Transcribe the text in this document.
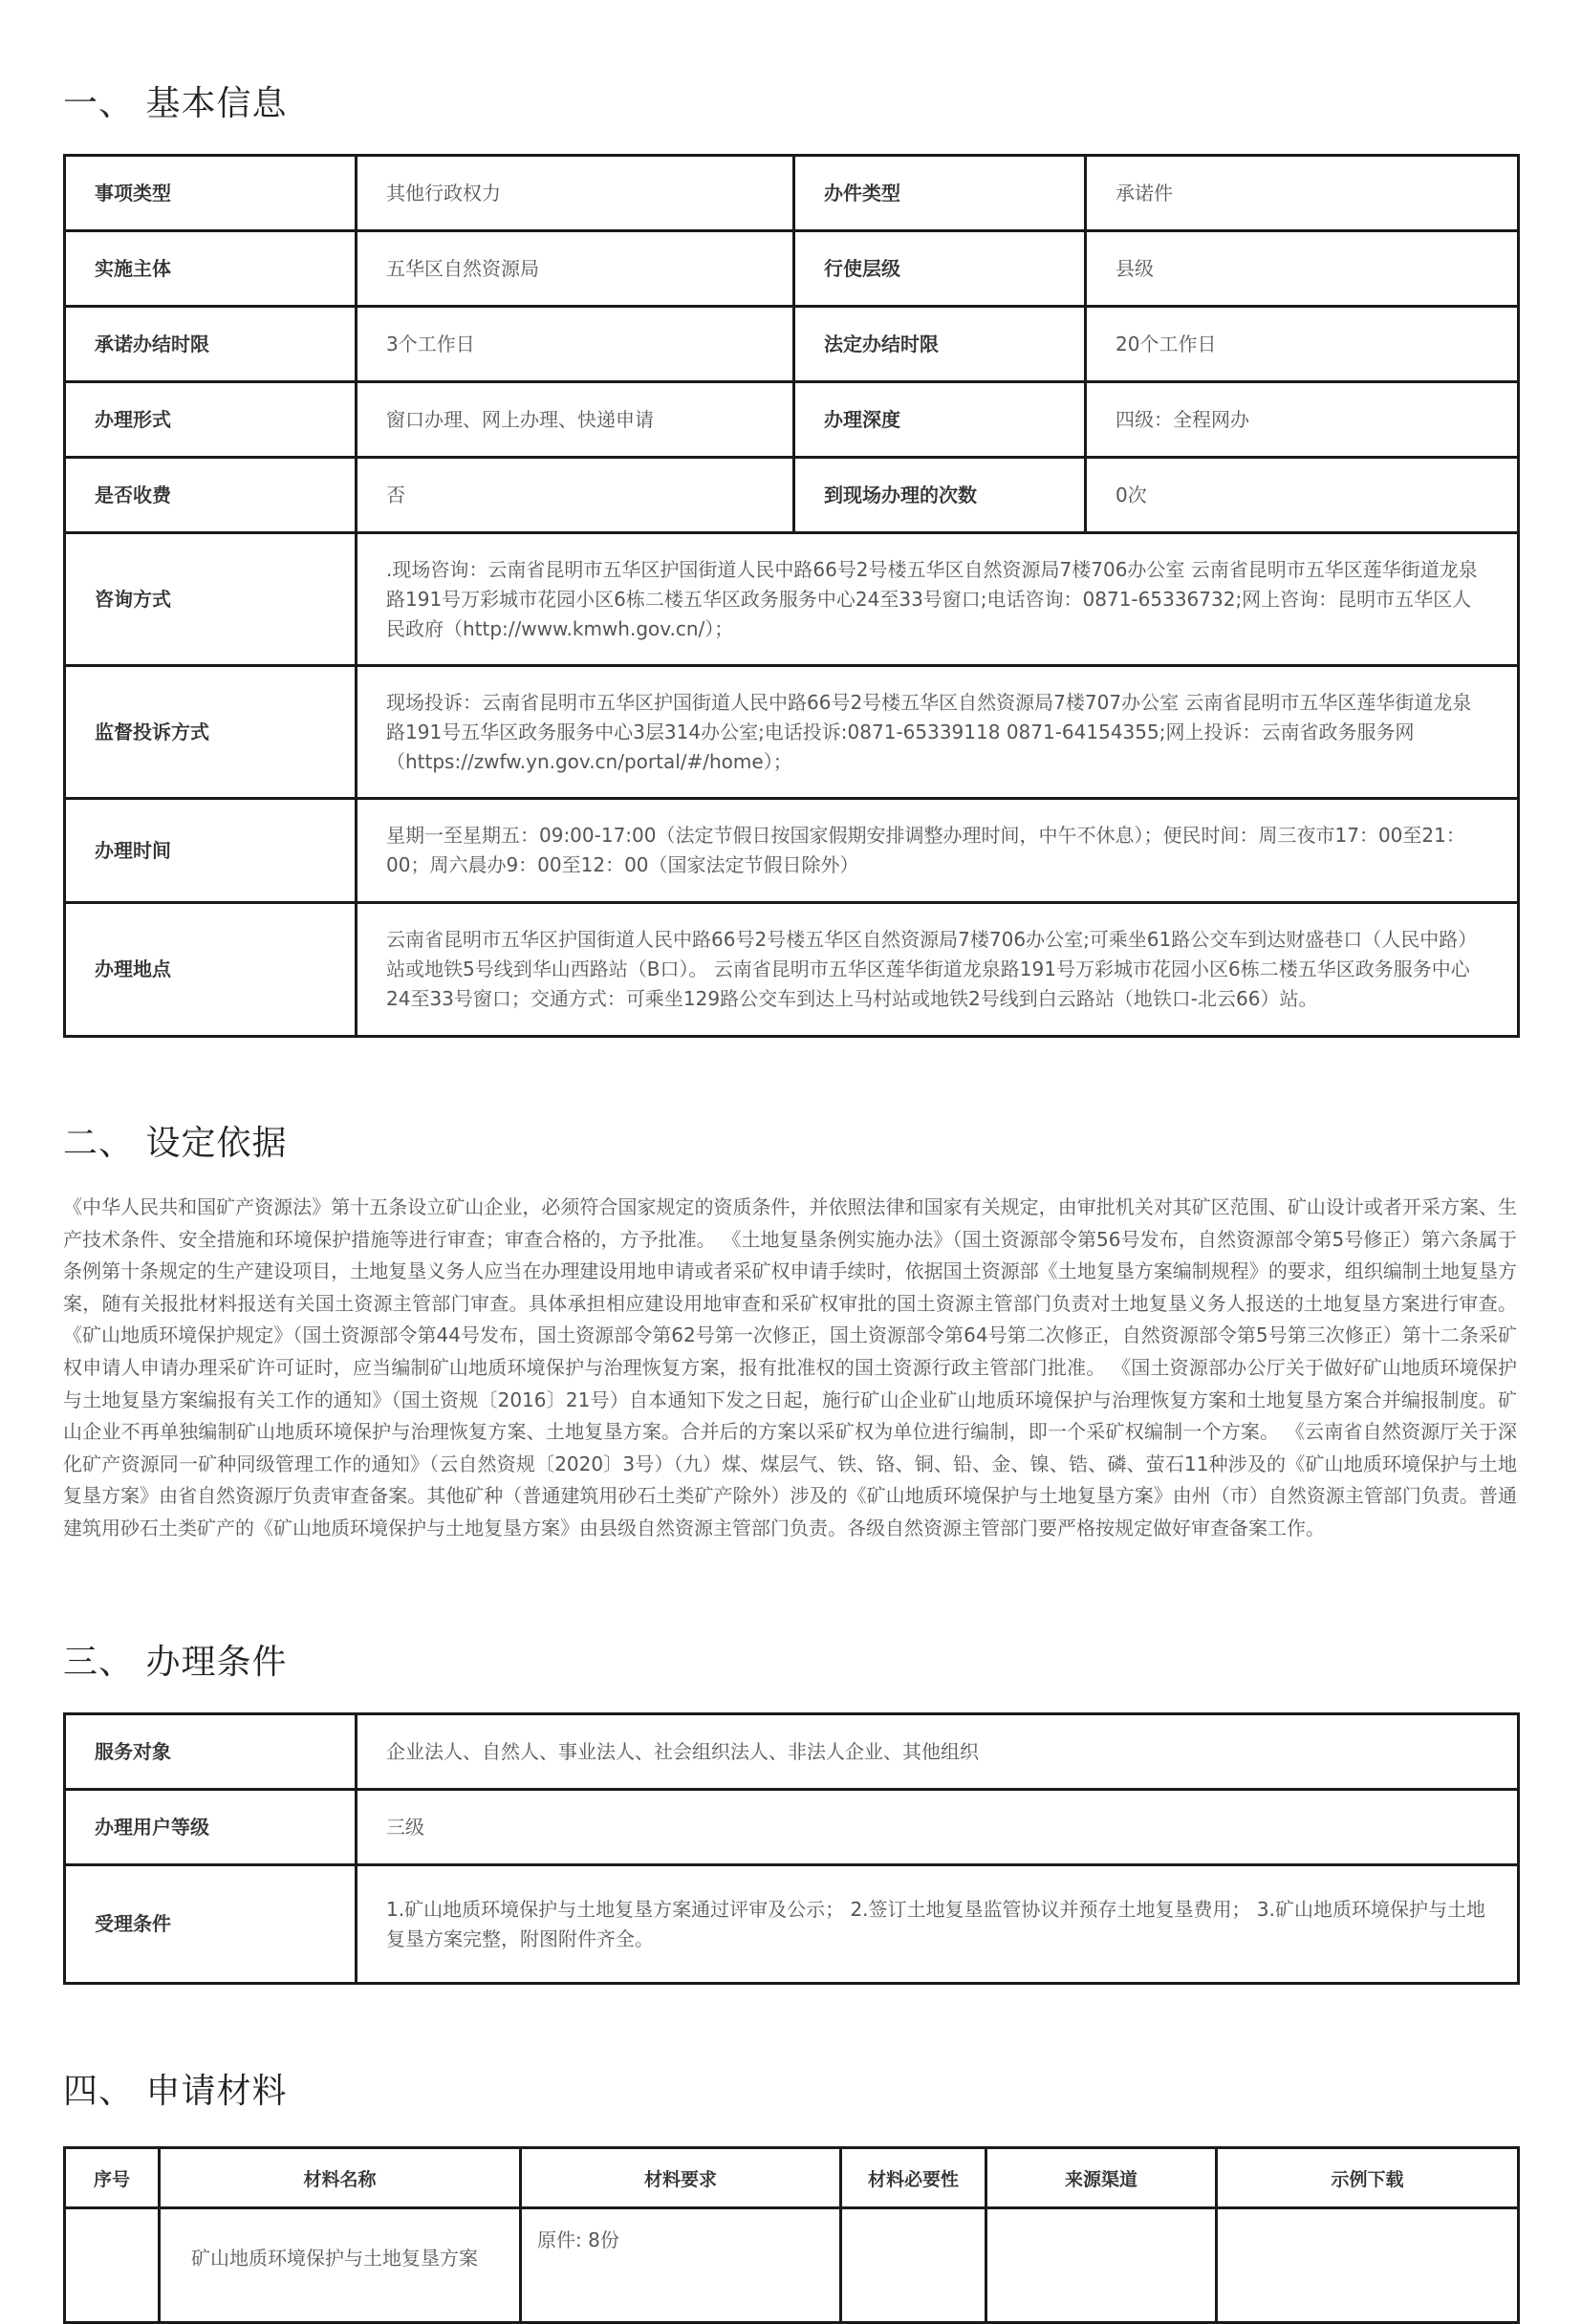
一、 基本信息
事项类型	其他行政权力	办件类型	承诺件
实施主体	五华区自然资源局	行使层级	县级
承诺办结时限	3个工作日	法定办结时限	20个工作日
办理形式	窗口办理、网上办理、快递申请	办理深度	四级：全程网办
是否收费	否	到现场办理的次数	0次
咨询方式	.现场咨询：云南省昆明市五华区护国街道人民中路66号2号楼五华区自然资源局7楼706办公室 云南省昆明市五华区莲华街道龙泉路191号万彩城市花园小区6栋二楼五华区政务服务中心24至33号窗口;电话咨询：0871-65336732;网上咨询：昆明市五华区人民政府（http://www.kmwh.gov.cn/）；		
监督投诉方式	现场投诉：云南省昆明市五华区护国街道人民中路66号2号楼五华区自然资源局7楼707办公室 云南省昆明市五华区莲华街道龙泉路191号五华区政务服务中心3层314办公室;电话投诉:0871-65339118 0871-64154355;网上投诉：云南省政务服务网（https://zwfw.yn.gov.cn/portal/#/home）；		
办理时间	星期一至星期五：09:00-17:00（法定节假日按国家假期安排调整办理时间，中午不休息）；便民时间：周三夜市17：00至21：00；周六晨办9：00至12：00（国家法定节假日除外）		
办理地点	云南省昆明市五华区护国街道人民中路66号2号楼五华区自然资源局7楼706办公室;可乘坐61路公交车到达财盛巷口（人民中路）站或地铁5号线到华山西路站（B口）。 云南省昆明市五华区莲华街道龙泉路191号万彩城市花园小区6栋二楼五华区政务服务中心24至33号窗口；交通方式：可乘坐129路公交车到达上马村站或地铁2号线到白云路站（地铁口-北云66）站。		
二、 设定依据

《中华人民共和国矿产资源法》第十五条设立矿山企业，必须符合国家规定的资质条件，并依照法律和国家有关规定，由审批机关对其矿区范围、矿山设计或者开采方案、生产技术条件、安全措施和环境保护措施等进行审查；审查合格的，方予批准。 《土地复垦条例实施办法》（国土资源部令第56号发布，自然资源部令第5号修正）第六条属于条例第十条规定的生产建设项目，土地复垦义务人应当在办理建设用地申请或者采矿权申请手续时，依据国土资源部《土地复垦方案编制规程》的要求，组织编制土地复垦方案，随有关报批材料报送有关国土资源主管部门审查。具体承担相应建设用地审查和采矿权审批的国土资源主管部门负责对土地复垦义务人报送的土地复垦方案进行审查。 《矿山地质环境保护规定》（国土资源部令第44号发布，国土资源部令第62号第一次修正，国土资源部令第64号第二次修正，自然资源部令第5号第三次修正）第十二条采矿权申请人申请办理采矿许可证时，应当编制矿山地质环境保护与治理恢复方案，报有批准权的国土资源行政主管部门批准。 《国土资源部办公厅关于做好矿山地质环境保护与土地复垦方案编报有关工作的通知》（国土资规〔2016〕21号）自本通知下发之日起，施行矿山企业矿山地质环境保护与治理恢复方案和土地复垦方案合并编报制度。矿山企业不再单独编制矿山地质环境保护与治理恢复方案、土地复垦方案。合并后的方案以采矿权为单位进行编制，即一个采矿权编制一个方案。 《云南省自然资源厅关于深化矿产资源同一矿种同级管理工作的通知》（云自然资规〔2020〕3号）（九）煤、煤层气、铁、铬、铜、铅、金、镍、锆、磷、萤石11种涉及的《矿山地质环境保护与土地复垦方案》由省自然资源厅负责审查备案。其他矿种（普通建筑用砂石土类矿产除外）涉及的《矿山地质环境保护与土地复垦方案》由州（市）自然资源主管部门负责。普通建筑用砂石土类矿产的《矿山地质环境保护与土地复垦方案》由县级自然资源主管部门负责。各级自然资源主管部门要严格按规定做好审查备案工作。

三、 办理条件
服务对象	企业法人、自然人、事业法人、社会组织法人、非法人企业、其他组织
办理用户等级	三级
受理条件	1.矿山地质环境保护与土地复垦方案通过评审及公示； 2.签订土地复垦监管协议并预存土地复垦费用； 3.矿山地质环境保护与土地复垦方案完整，附图附件齐全。
四、 申请材料
序号	材料名称	材料要求	材料必要性	来源渠道	示例下载
	矿山地质环境保护与土地复垦方案	原件: 8份			
